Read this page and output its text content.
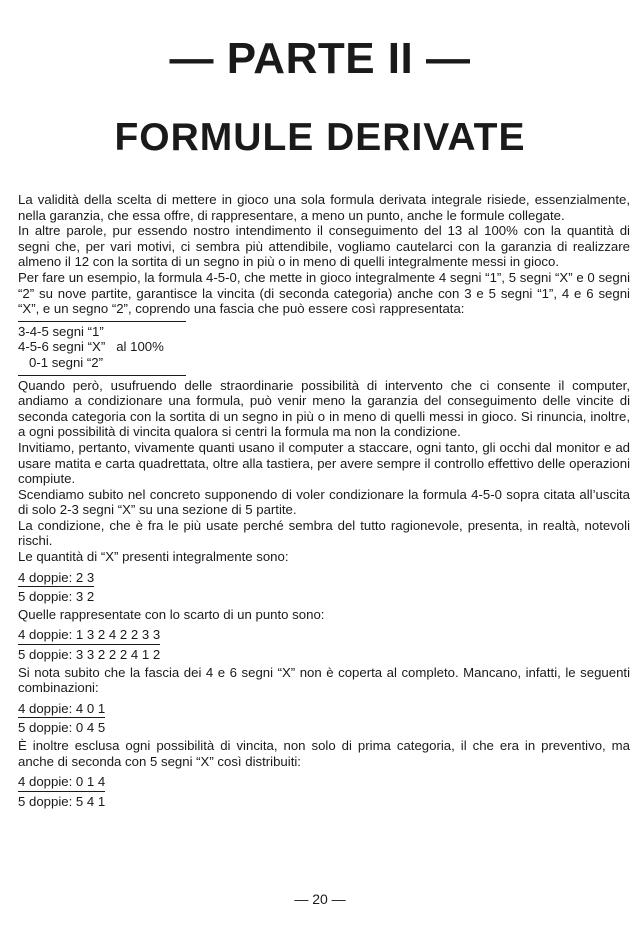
— PARTE II —
FORMULE DERIVATE

La validità della scelta di mettere in gioco una sola formula derivata integrale risiede, essenzialmente, nella garanzia, che essa offre, di rappresentare, a meno un punto, anche le formule collegate.

In altre parole, pur essendo nostro intendimento il conseguimento del 13 al 100% con la quantità di segni che, per vari motivi, ci sembra più attendibile, vogliamo cautelarci con la garanzia di realizzare almeno il 12 con la sortita di un segno in più o in meno di quelli integralmente messi in gioco.

Per fare un esempio, la formula 4-5-0, che mette in gioco integralmente 4 segni “1”, 5 segni “X” e 0 segni “2” su nove partite, garantisce la vincita (di seconda categoria) anche con 3 e 5 segni “1”, 4 e 6 segni “X”, e un segno “2”, coprendo una fascia che può essere così rappresentata:

3-4-5 segni “1”
4-5-6 segni “X”   al 100%
0-1 segni “2”

Quando però, usufruendo delle straordinarie possibilità di intervento che ci consente il computer, andiamo a condizionare una formula, può venir meno la garanzia del conseguimento delle vincite di seconda categoria con la sortita di un segno in più o in meno di quelli messi in gioco. Si rinuncia, inoltre, a ogni possibilità di vincita qualora si centri la formula ma non la condizione.

Invitiamo, pertanto, vivamente quanti usano il computer a staccare, ogni tanto, gli occhi dal monitor e ad usare matita e carta quadrettata, oltre alla tastiera, per avere sempre il controllo effettivo delle operazioni compiute.

Scendiamo subito nel concreto supponendo di voler condizionare la formula 4-5-0 sopra citata all’uscita di solo 2-3 segni “X” su una sezione di 5 partite.

La condizione, che è fra le più usate perché sembra del tutto ragionevole, presenta, in realtà, notevoli rischi.

Le quantità di “X” presenti integralmente sono:

4 doppie: 2 3
5 doppie: 3 2

Quelle rappresentate con lo scarto di un punto sono:

4 doppie: 1 3 2 4 2 2 3 3
5 doppie: 3 3 2 2 2 4 1 2

Si nota subito che la fascia dei 4 e 6 segni “X” non è coperta al completo. Mancano, infatti, le seguenti combinazioni:

4 doppie: 4 0 1
5 doppie: 0 4 5

È inoltre esclusa ogni possibilità di vincita, non solo di prima categoria, il che era in preventivo, ma anche di seconda con 5 segni “X” così distribuiti:

4 doppie: 0 1 4
5 doppie: 5 4 1
— 20 —
